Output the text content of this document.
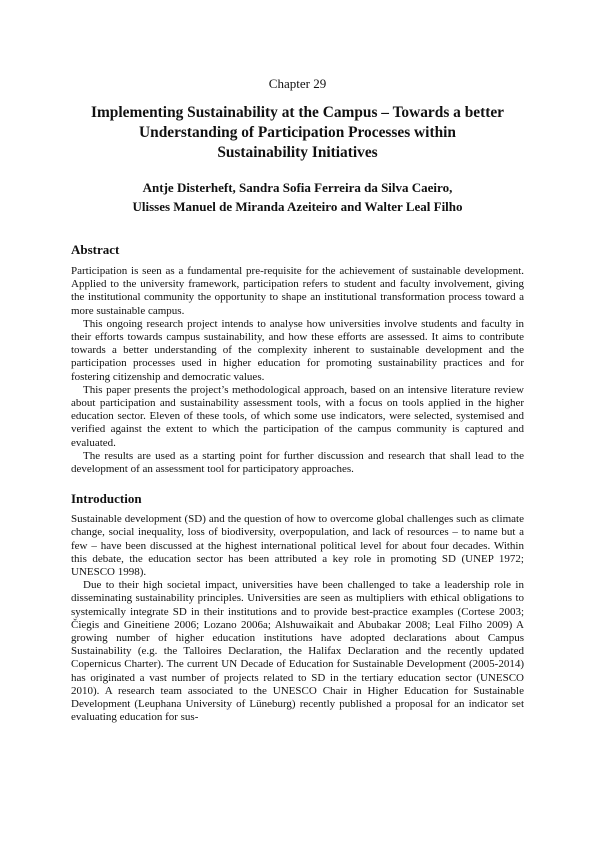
Chapter 29
Implementing Sustainability at the Campus – Towards a better
Understanding of Participation Processes within
Sustainability Initiatives
Antje Disterheft, Sandra Sofia Ferreira da Silva Caeiro,
Ulisses Manuel de Miranda Azeiteiro and Walter Leal Filho
Abstract

Participation is seen as a fundamental pre-requisite for the achievement of sustainable development. Applied to the university framework, participation refers to student and faculty involvement, giving the institutional community the opportunity to shape an institutional transformation process toward a more sustainable campus.

This ongoing research project intends to analyse how universities involve students and faculty in their efforts towards campus sustainability, and how these efforts are assessed. It aims to contribute towards a better understanding of the complexity inherent to sustainable development and the participation processes used in higher education for promoting sustainability practices and for fostering citizenship and democratic values.

This paper presents the project’s methodological approach, based on an intensive literature review about participation and sustainability assessment tools, with a focus on tools applied in the higher education sector. Eleven of these tools, of which some use indicators, were selected, systemised and verified against the extent to which the participation of the campus community is captured and evaluated.

The results are used as a starting point for further discussion and research that shall lead to the development of an assessment tool for participatory approaches.

Introduction

Sustainable development (SD) and the question of how to overcome global challenges such as climate change, social inequality, loss of biodiversity, overpopulation, and lack of resources – to name but a few – have been discussed at the highest international political level for about four decades. Within this debate, the education sector has been attributed a key role in promoting SD (UNEP 1972; UNESCO 1998).

Due to their high societal impact, universities have been challenged to take a leadership role in disseminating sustainability principles. Universities are seen as multipliers with ethical obligations to systemically integrate SD in their institutions and to provide best-practice examples (Cortese 2003; Čiegis and Gineitiene 2006; Lozano 2006a; Alshuwaikait and Abubakar 2008; Leal Filho 2009) A growing number of higher education institutions have adopted declarations about Campus Sustainability (e.g. the Talloires Declaration, the Halifax Declaration and the recently updated Copernicus Charter). The current UN Decade of Education for Sustainable Development (2005-2014) has originated a vast number of projects related to SD in the tertiary education sector (UNESCO 2010). A research team associated to the UNESCO Chair in Higher Education for Sustainable Development (Leuphana University of Lüneburg) recently published a proposal for an indicator set evaluating education for sus-
